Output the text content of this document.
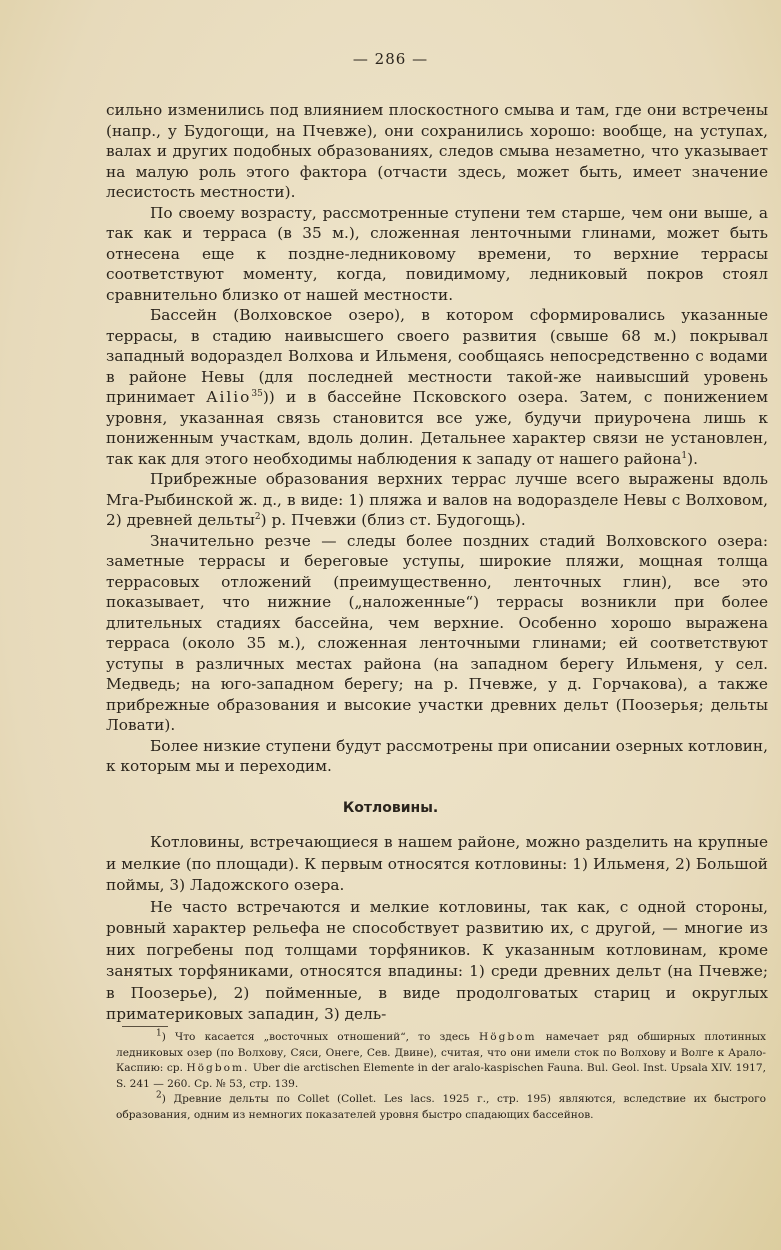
— 286 —

сильно изменились под влиянием плоскостного смыва и там, где они встречены (напр., у Будогощи, на Пчевже), они сохранились хорошо: вообще, на уступах, валах и других подобных образованиях, следов смыва незаметно, что указывает на малую роль этого фактора (отчасти здесь, может быть, имеет значение лесистость местности).

По своему возрасту, рассмотренные ступени тем старше, чем они выше, а так как и терраса (в 35 м.), сложенная ленточными глинами, может быть отнесена еще к поздне-ледниковому времени, то верхние террасы соответствуют моменту, когда, повидимому, ледниковый покров стоял сравнительно близко от нашей местности.

Бассейн (Волховское озеро), в котором сформировались указанные террасы, в стадию наивысшего своего развития (свыше 68 м.) покрывал западный водораздел Волхова и Ильменя, сообщаясь непосредственно с водами в районе Невы (для последней местности такой-же наивысший уровень принимает Ailio$^{35}$)) и в бассейне Псковского озера. Затем, с понижением уровня, указанная связь становится все уже, будучи приурочена лишь к пониженным участкам, вдоль долин. Детальнее характер связи не установлен, так как для этого необходимы наблюдения к западу от нашего района$^1$).

Прибрежные образования верхних террас лучше всего выражены вдоль Мга-Рыбинской ж. д., в виде: 1) пляжа и валов на водоразделе Невы с Волховом, 2) древней дельты$^2$) р. Пчевжи (близ ст. Будогощь).

Значительно резче — следы более поздних стадий Волховского озера: заметные террасы и береговые уступы, широкие пляжи, мощная толща террасовых отложений (преимущественно, ленточных глин), все это показывает, что нижние („наложенные“) террасы возникли при более длительных стадиях бассейна, чем верхние. Особенно хорошо выражена терраса (около 35 м.), сложенная ленточными глинами; ей соответствуют уступы в различных местах района (на западном берегу Ильменя, у сел. Медведь; на юго-западном берегу; на р. Пчевже, у д. Горчакова), а также прибрежные образования и высокие участки древних дельт (Поозерья; дельты Ловати).

Более низкие ступени будут рассмотрены при описании озерных котловин, к которым мы и переходим.

Котловины.

Котловины, встречающиеся в нашем районе, можно разделить на крупные и мелкие (по площади). К первым относятся котловины: 1) Ильменя, 2) Большой поймы, 3) Ладожского озера.

Не часто встречаются и мелкие котловины, так как, с одной стороны, ровный характер рельефа не способствует развитию их, с другой, — многие из них погребены под толщами торфяников. К указанным котловинам, кроме занятых торфяниками, относятся впадины: 1) среди древних дельт (на Пчевже; в Поозерье), 2) пойменные, в виде продолговатых стариц и округлых приматериковых западин, 3) дель-

$^1$) Что касается „восточных отношений“, то здесь Högbom намечает ряд обширных плотинных ледниковых озер (по Волхову, Сяси, Онеге, Сев. Двине), считая, что они имели сток по Волхову и Волге к Арало-Каспию: ср. Högbom. Uber die arctischen Elemente in der aralo-kaspischen Fauna. Bul. Geol. Inst. Upsala XIV. 1917, S. 241 — 260. Ср. № 53, стр. 139.

$^2$) Древние дельты по Collet (Collet. Les lacs. 1925 г., стр. 195) являются, вследствие их быстрого образования, одним из немногих показателей уровня быстро спадающих бассейнов.
